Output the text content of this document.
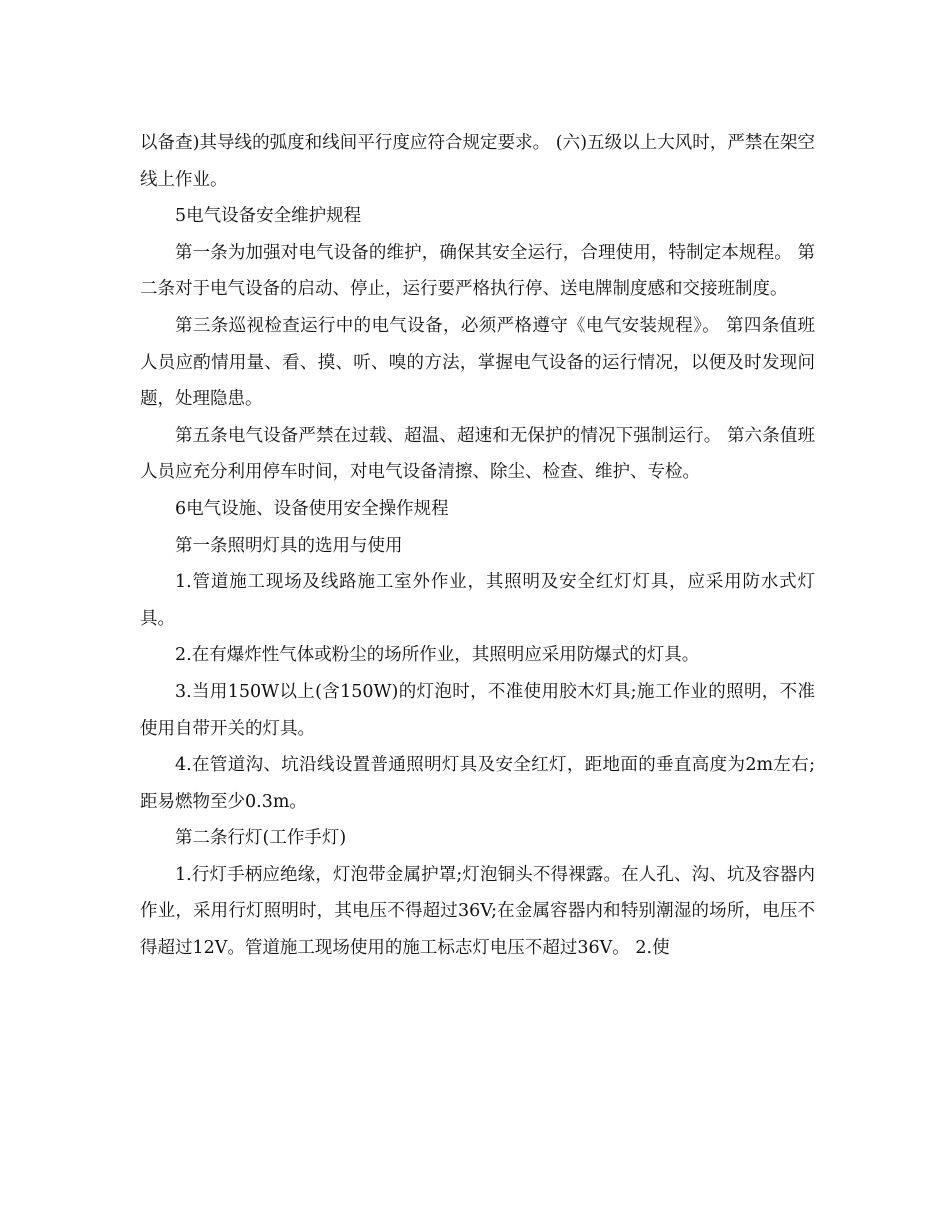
以备查)其导线的弧度和线间平行度应符合规定要求。 (六)五级以上大风时，严禁在架空线上作业。

5电气设备安全维护规程

第一条为加强对电气设备的维护，确保其安全运行，合理使用，特制定本规程。 第二条对于电气设备的启动、停止，运行要严格执行停、送电牌制度感和交接班制度。

第三条巡视检查运行中的电气设备，必须严格遵守《电气安装规程》。 第四条值班人员应酌情用量、看、摸、听、嗅的方法，掌握电气设备的运行情况，以便及时发现问题，处理隐患。

第五条电气设备严禁在过载、超温、超速和无保护的情况下强制运行。 第六条值班人员应充分利用停车时间，对电气设备清擦、除尘、检查、维护、专检。

6电气设施、设备使用安全操作规程

第一条照明灯具的选用与使用

1.管道施工现场及线路施工室外作业，其照明及安全红灯灯具，应采用防水式灯具。

2.在有爆炸性气体或粉尘的场所作业，其照明应采用防爆式的灯具。

3.当用150W以上(含150W)的灯泡时，不准使用胶木灯具;施工作业的照明，不准使用自带开关的灯具。

4.在管道沟、坑沿线设置普通照明灯具及安全红灯，距地面的垂直高度为2m左右;距易燃物至少0.3m。

第二条行灯(工作手灯)

1.行灯手柄应绝缘，灯泡带金属护罩;灯泡铜头不得裸露。在人孔、沟、坑及容器内作业，采用行灯照明时，其电压不得超过36V;在金属容器内和特别潮湿的场所，电压不得超过12V。管道施工现场使用的施工标志灯电压不超过36V。 2.使
